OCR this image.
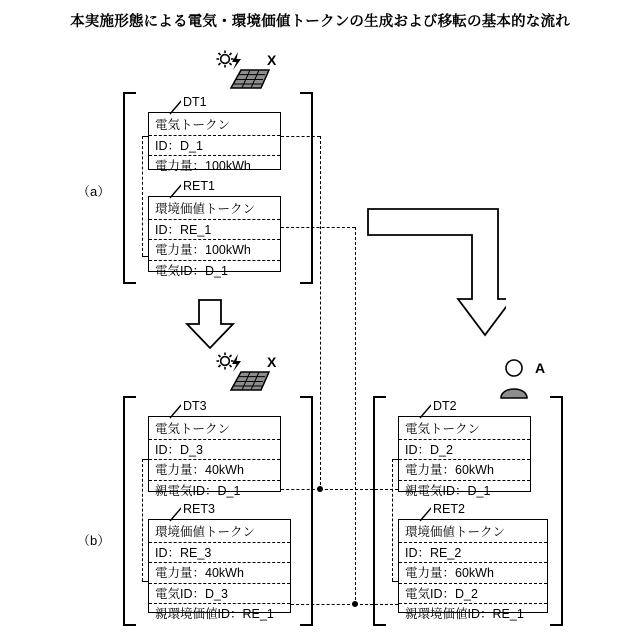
本実施形態による電気・環境価値トークンの生成および移転の基本的な流れ
X
（a）
電気トークン
ID：D_1
電力量：100kWh
DT1
環境価値トークン
ID：RE_1
電力量：100kWh
電気ID：D_1
RET1
X	A
（b）
電気トークン
ID：D_3
電力量：40kWh
親電気ID：D_1
DT3
環境価値トークン
ID：RE_3
電力量：40kWh
電気ID：D_3
親環境価値ID：RE_1
RET3
電気トークン
ID：D_2
電力量：60kWh
親電気ID：D_1
DT2
環境価値トークン
ID：RE_2
電力量：60kWh
電気ID：D_2
親環境価値ID：RE_1
RET2
